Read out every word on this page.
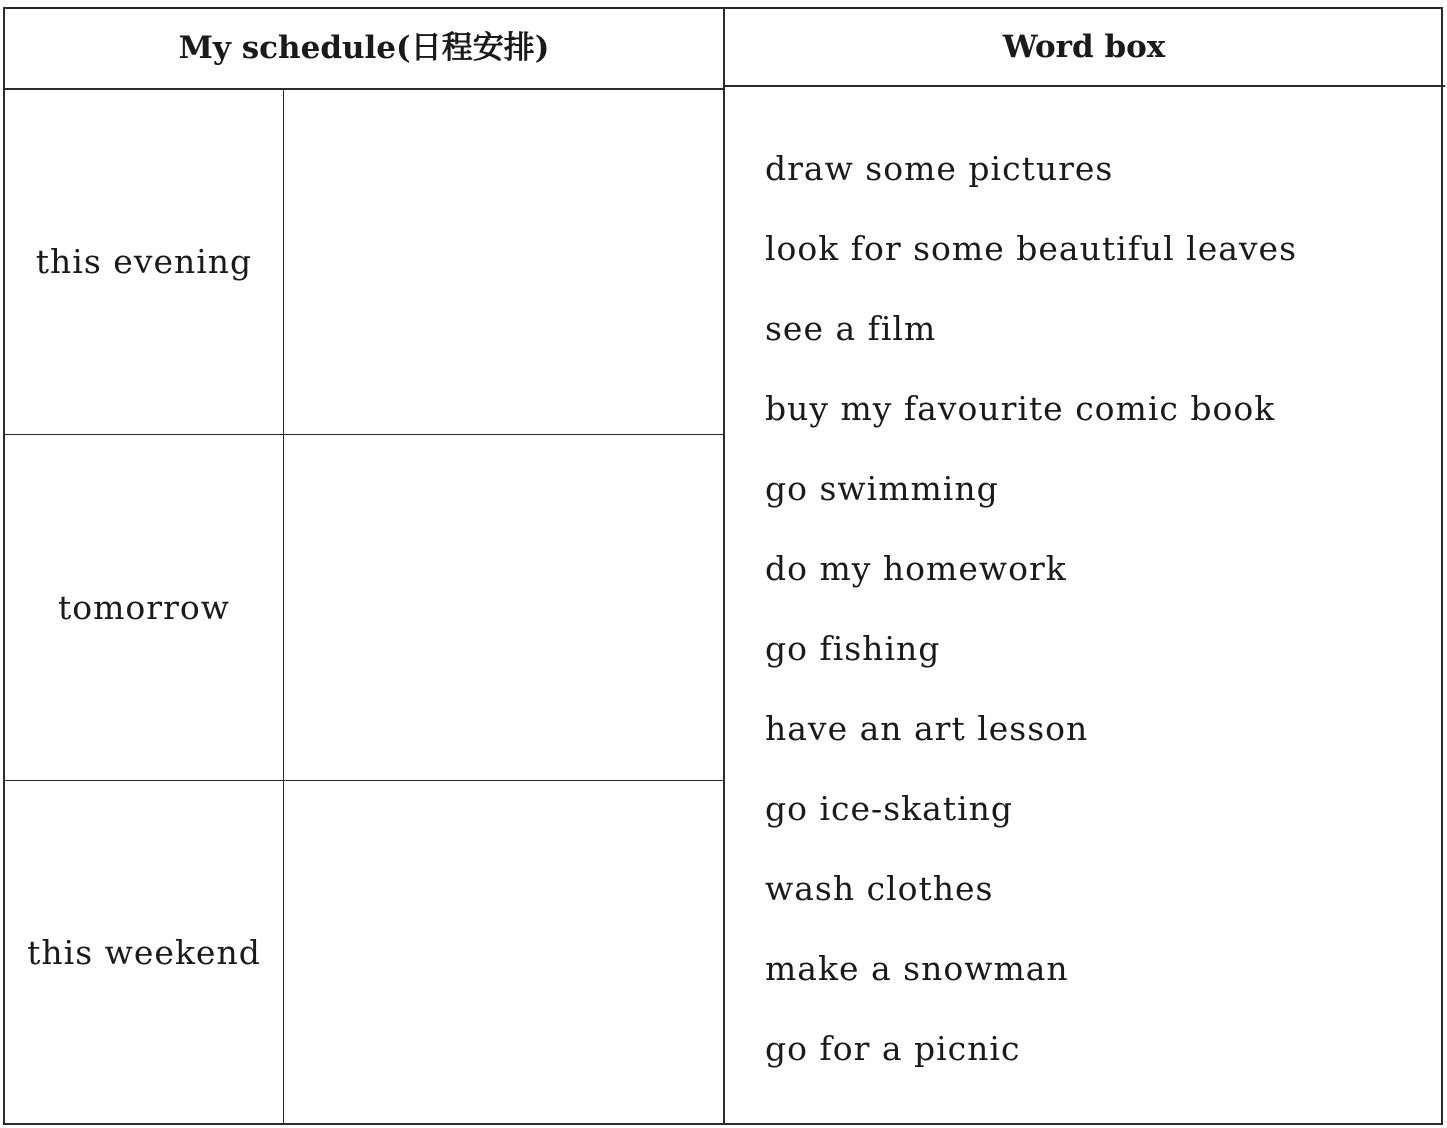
My schedule(日程安排)	Word box
this evening
tomorrow
this weekend
draw some pictures
look for some beautiful leaves
see a film
buy my favourite comic book
go swimming
do my homework
go fishing
have an art lesson
go ice-skating
wash clothes
make a snowman
go for a picnic
